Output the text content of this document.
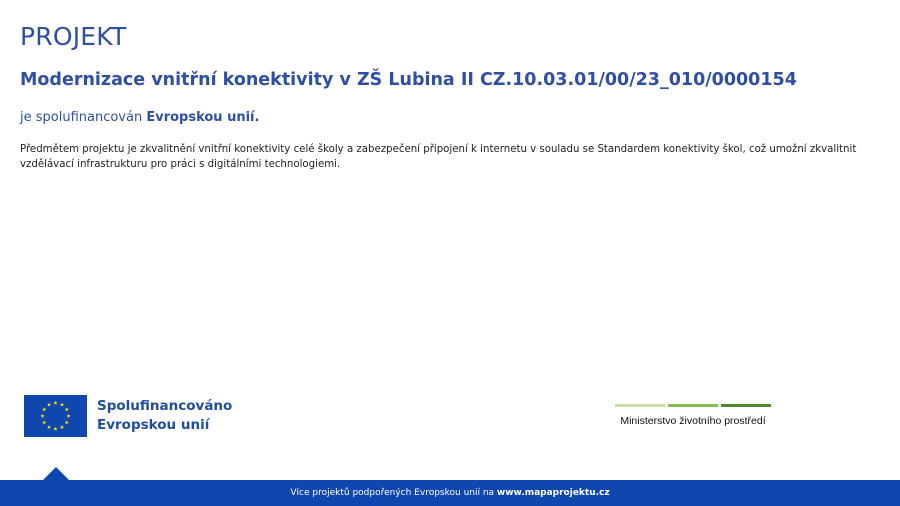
PROJEKT
Modernizace vnitřní konektivity v ZŠ Lubina II CZ.10.03.01/00/23_010/0000154
je spolufinancován Evropskou unií.
Předmětem projektu je zkvalitnění vnitřní konektivity celé školy a zabezpečení připojení k internetu v souladu se Standardem konektivity škol, což umožní zkvalitnit vzdělávací infrastrukturu pro práci s digitálními technologiemi.
Spolufinancováno
Evropskou unií	Ministerstvo životního prostředí
Více projektů podpořených Evropskou unií na www.mapaprojektu.cz
